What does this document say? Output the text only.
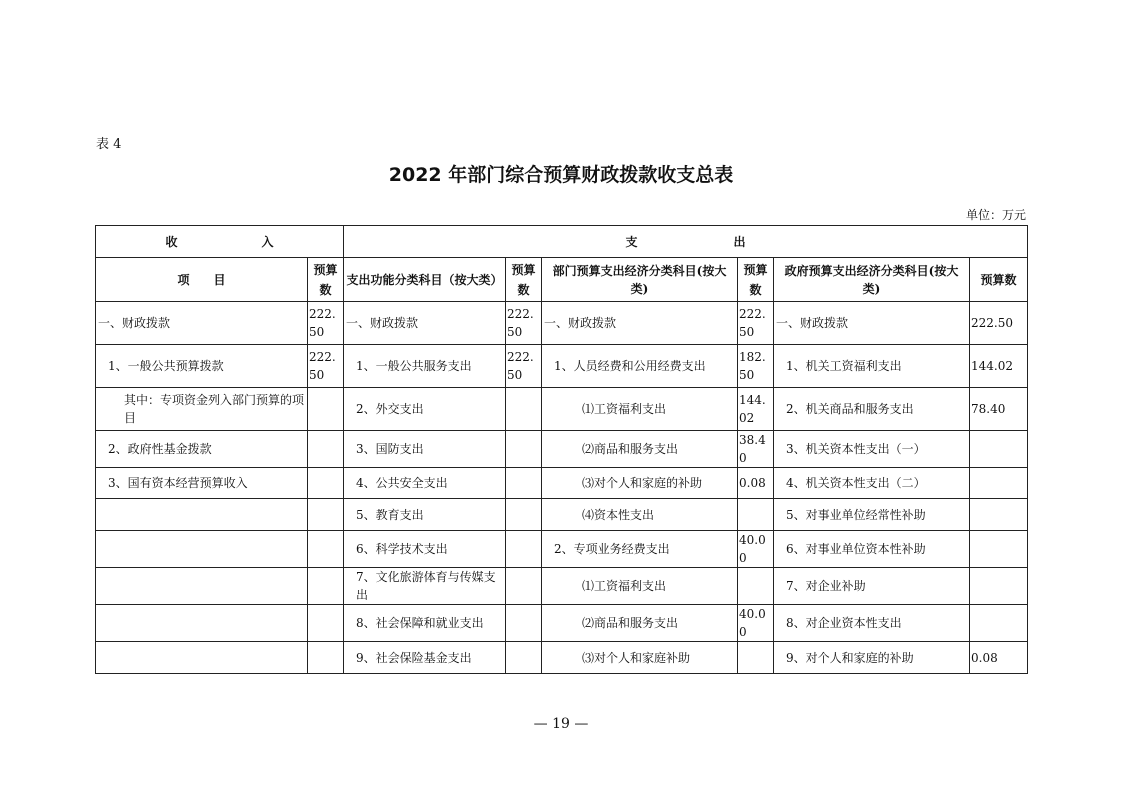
表 4
2022 年部门综合预算财政拨款收支总表
单位：万元
收　　　　　　　入		支　　　　　　　　出					
项　　目	预算数	支出功能分类科目（按大类）	预算数	部门预算支出经济分类科目(按大类)	预算数	政府预算支出经济分类科目(按大类)	预算数
一、财政拨款	222.50	一、财政拨款	222.50	一、财政拨款	222.50	一、财政拨款	222.50
1、一般公共预算拨款	222.50	1、一般公共服务支出	222.50	1、人员经费和公用经费支出	182.50	1、机关工资福利支出	144.02
其中：专项资金列入部门预算的项目		2、外交支出		⑴工资福利支出	144.02	2、机关商品和服务支出	78.40
2、政府性基金拨款		3、国防支出		⑵商品和服务支出	38.40	3、机关资本性支出（一）	
3、国有资本经营预算收入		4、公共安全支出		⑶对个人和家庭的补助	0.08	4、机关资本性支出（二）	
		5、教育支出		⑷资本性支出		5、对事业单位经常性补助	
		6、科学技术支出		2、专项业务经费支出	40.00	6、对事业单位资本性补助	
		7、文化旅游体育与传媒支出		⑴工资福利支出		7、对企业补助	
		8、社会保障和就业支出		⑵商品和服务支出	40.00	8、对企业资本性支出	
		9、社会保险基金支出		⑶对个人和家庭补助		9、对个人和家庭的补助	0.08
— 19 —
